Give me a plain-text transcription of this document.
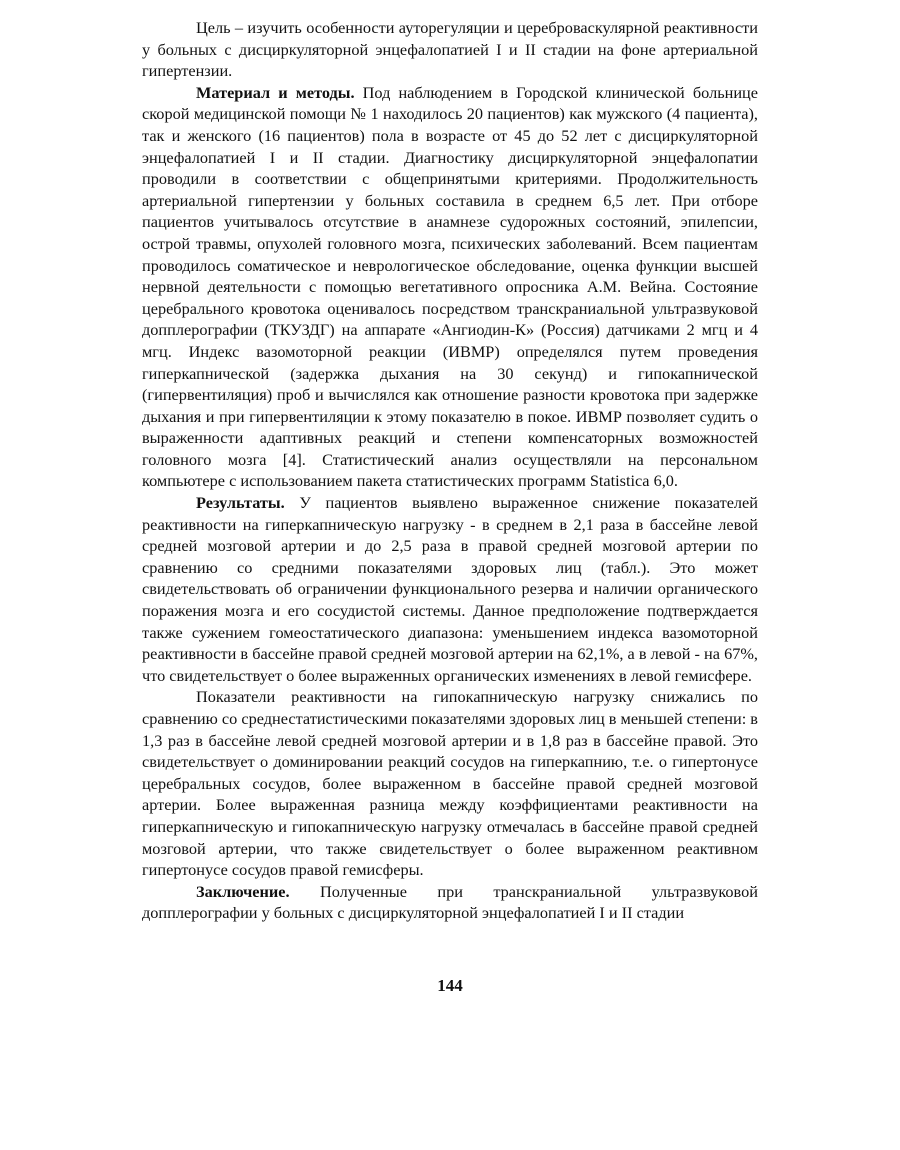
Цель – изучить особенности ауторегуляции и цереброваскулярной реактивности у больных с дисциркуляторной энцефалопатией I и II стадии на фоне артериальной гипертензии.

Материал и методы. Под наблюдением в Городской клинической больнице скорой медицинской помощи № 1 находилось 20 пациентов) как мужского (4 пациента), так и женского (16 пациентов) пола в возрасте от 45 до 52 лет с дисциркуляторной энцефалопатией I и II стадии. Диагностику дисциркуляторной энцефалопатии проводили в соответствии с общепринятыми критериями. Продолжительность артериальной гипертензии у больных составила в среднем 6,5 лет. При отборе пациентов учитывалось отсутствие в анамнезе судорожных состояний, эпилепсии, острой травмы, опухолей головного мозга, психических заболеваний. Всем пациентам проводилось соматическое и неврологическое обследование, оценка функции высшей нервной деятельности с помощью вегетативного опросника А.М. Вейна. Состояние церебрального кровотока оценивалось посредством транскраниальной ультразвуковой допплерографии (ТКУЗДГ) на аппарате «Ангиодин-К» (Россия) датчиками 2 мгц и 4 мгц. Индекс вазомоторной реакции (ИВМР) определялся путем проведения гиперкапнической (задержка дыхания на 30 секунд) и гипокапнической (гипервентиляция) проб и вычислялся как отношение разности кровотока при задержке дыхания и при гипервентиляции к этому показателю в покое. ИВМР позволяет судить о выраженности адаптивных реакций и степени компенсаторных возможностей головного мозга [4]. Статистический анализ осуществляли на персональном компьютере с использованием пакета статистических программ Statistica 6,0.

Результаты. У пациентов выявлено выраженное снижение показателей реактивности на гиперкапническую нагрузку - в среднем в 2,1 раза в бассейне левой средней мозговой артерии и до 2,5 раза в правой средней мозговой артерии по сравнению со средними показателями здоровых лиц (табл.). Это может свидетельствовать об ограничении функционального резерва и наличии органического поражения мозга и его сосудистой системы. Данное предположение подтверждается также сужением гомеостатического диапазона: уменьшением индекса вазомоторной реактивности в бассейне правой средней мозговой артерии на 62,1%, а в левой - на 67%, что свидетельствует о более выраженных органических изменениях в левой гемисфере.

Показатели реактивности на гипокапническую нагрузку снижались по сравнению со среднестатистическими показателями здоровых лиц в меньшей степени: в 1,3 раз в бассейне левой средней мозговой артерии и в 1,8 раз в бассейне правой. Это свидетельствует о доминировании реакций сосудов на гиперкапнию, т.е. о гипертонусе церебральных сосудов, более выраженном в бассейне правой средней мозговой артерии. Более выраженная разница между коэффициентами реактивности на гиперкапническую и гипокапническую нагрузку отмечалась в бассейне правой средней мозговой артерии, что также свидетельствует о более выраженном реактивном гипертонусе сосудов правой гемисферы.

Заключение. Полученные при транскраниальной ультразвуковой допплерографии у больных с дисциркуляторной энцефалопатией I и II стадии

144
